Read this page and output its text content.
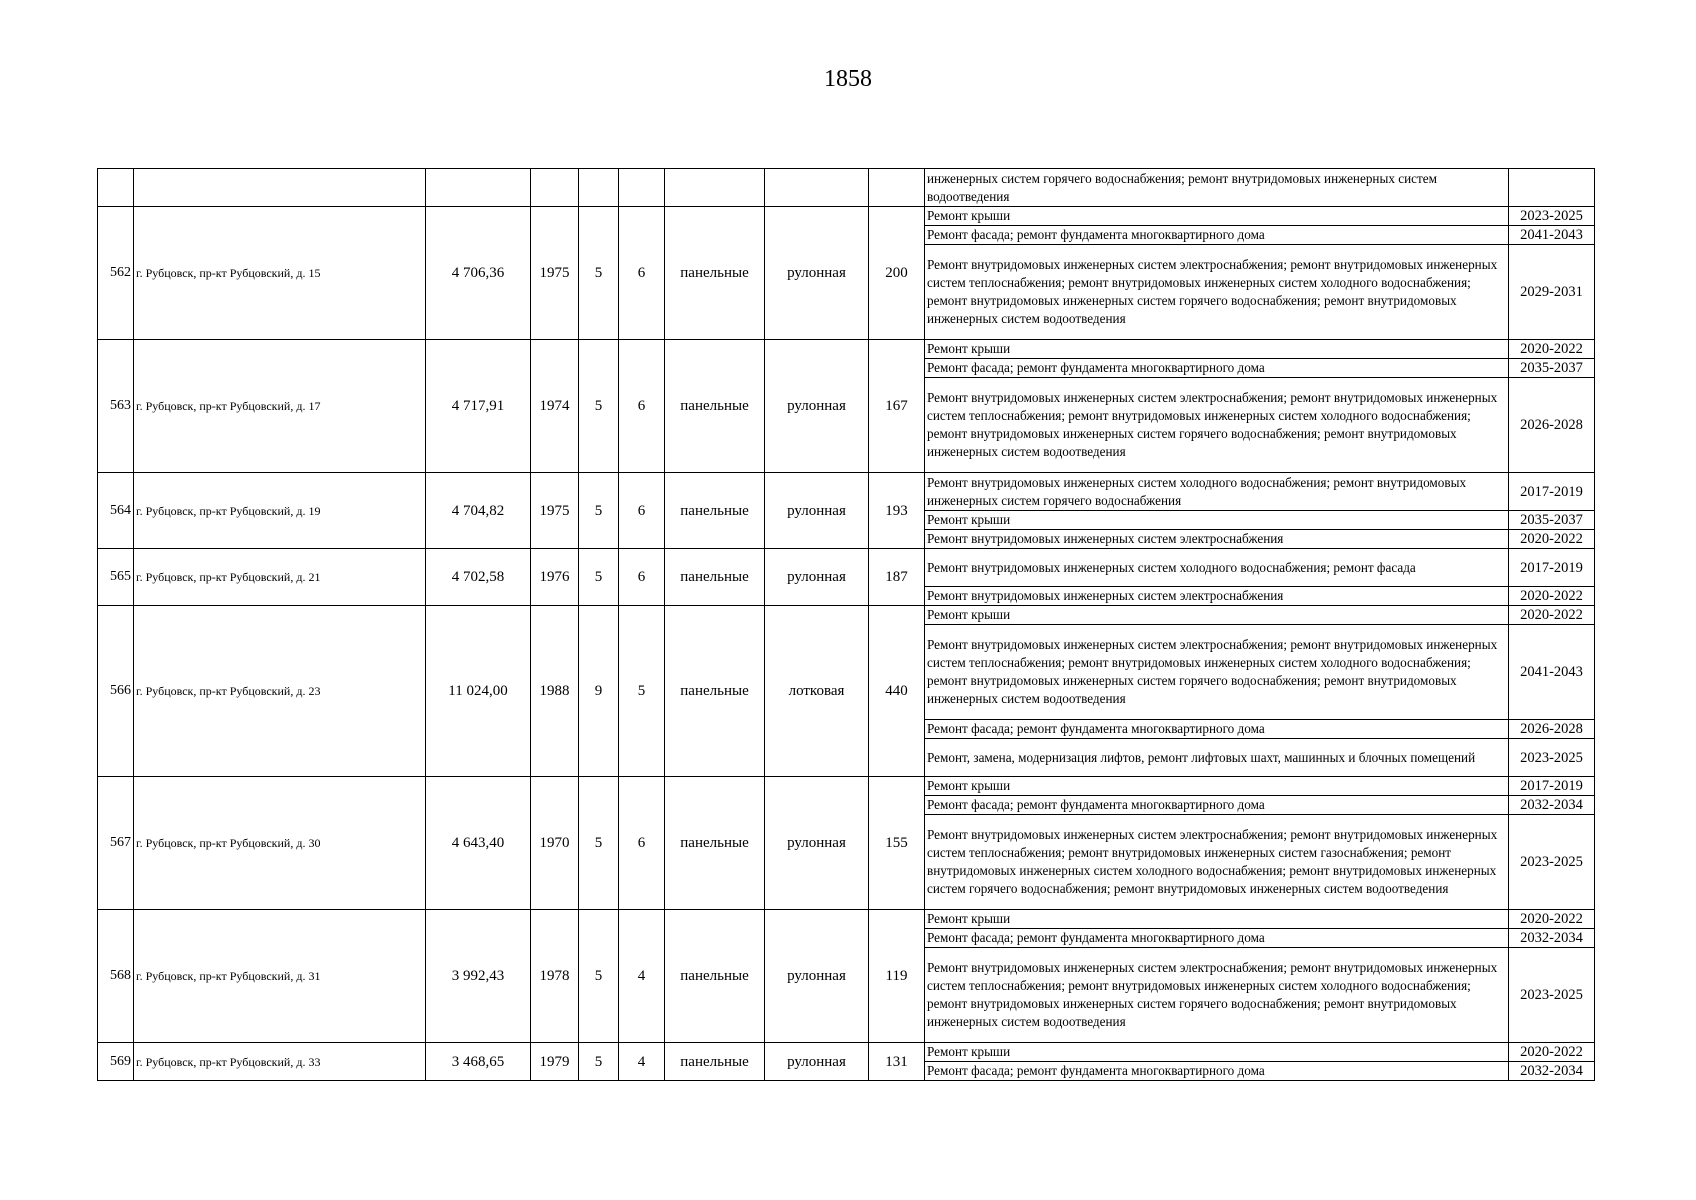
1858
									инженерных систем горячего водоснабжения; ремонт внутридомовых инженерных систем водоотведения	
562	г. Рубцовск, пр-кт Рубцовский, д. 15	4 706,36	1975	5	6	панельные	рулонная	200	Ремонт крыши	2023-2025
									Ремонт фасада; ремонт фундамента многоквартирного дома	2041-2043
									Ремонт внутридомовых инженерных систем электроснабжения; ремонт внутридомовых инженерных систем теплоснабжения; ремонт внутридомовых инженерных систем холодного водоснабжения; ремонт внутридомовых инженерных систем горячего водоснабжения; ремонт внутридомовых инженерных систем водоотведения	2029-2031
563	г. Рубцовск, пр-кт Рубцовский, д. 17	4 717,91	1974	5	6	панельные	рулонная	167	Ремонт крыши	2020-2022
									Ремонт фасада; ремонт фундамента многоквартирного дома	2035-2037
									Ремонт внутридомовых инженерных систем электроснабжения; ремонт внутридомовых инженерных систем теплоснабжения; ремонт внутридомовых инженерных систем холодного водоснабжения; ремонт внутридомовых инженерных систем горячего водоснабжения; ремонт внутридомовых инженерных систем водоотведения	2026-2028
564	г. Рубцовск, пр-кт Рубцовский, д. 19	4 704,82	1975	5	6	панельные	рулонная	193	Ремонт внутридомовых инженерных систем холодного водоснабжения; ремонт внутридомовых инженерных систем горячего водоснабжения	2017-2019
									Ремонт крыши	2035-2037
									Ремонт внутридомовых инженерных систем электроснабжения	2020-2022
565	г. Рубцовск, пр-кт Рубцовский, д. 21	4 702,58	1976	5	6	панельные	рулонная	187	Ремонт внутридомовых инженерных систем холодного водоснабжения; ремонт фасада	2017-2019
									Ремонт внутридомовых инженерных систем электроснабжения	2020-2022
566	г. Рубцовск, пр-кт Рубцовский, д. 23	11 024,00	1988	9	5	панельные	лотковая	440	Ремонт крыши	2020-2022
									Ремонт внутридомовых инженерных систем электроснабжения; ремонт внутридомовых инженерных систем теплоснабжения; ремонт внутридомовых инженерных систем холодного водоснабжения; ремонт внутридомовых инженерных систем горячего водоснабжения; ремонт внутридомовых инженерных систем водоотведения	2041-2043
									Ремонт фасада; ремонт фундамента многоквартирного дома	2026-2028
									Ремонт, замена, модернизация лифтов, ремонт лифтовых шахт, машинных и блочных помещений	2023-2025
567	г. Рубцовск, пр-кт Рубцовский, д. 30	4 643,40	1970	5	6	панельные	рулонная	155	Ремонт крыши	2017-2019
									Ремонт фасада; ремонт фундамента многоквартирного дома	2032-2034
									Ремонт внутридомовых инженерных систем электроснабжения; ремонт внутридомовых инженерных систем теплоснабжения; ремонт внутридомовых инженерных систем газоснабжения; ремонт внутридомовых инженерных систем холодного водоснабжения; ремонт внутридомовых инженерных систем горячего водоснабжения; ремонт внутридомовых инженерных систем водоотведения	2023-2025
568	г. Рубцовск, пр-кт Рубцовский, д. 31	3 992,43	1978	5	4	панельные	рулонная	119	Ремонт крыши	2020-2022
									Ремонт фасада; ремонт фундамента многоквартирного дома	2032-2034
									Ремонт внутридомовых инженерных систем электроснабжения; ремонт внутридомовых инженерных систем теплоснабжения; ремонт внутридомовых инженерных систем холодного водоснабжения; ремонт внутридомовых инженерных систем горячего водоснабжения; ремонт внутридомовых инженерных систем водоотведения	2023-2025
569	г. Рубцовск, пр-кт Рубцовский, д. 33	3 468,65	1979	5	4	панельные	рулонная	131	Ремонт крыши	2020-2022
									Ремонт фасада; ремонт фундамента многоквартирного дома	2032-2034
